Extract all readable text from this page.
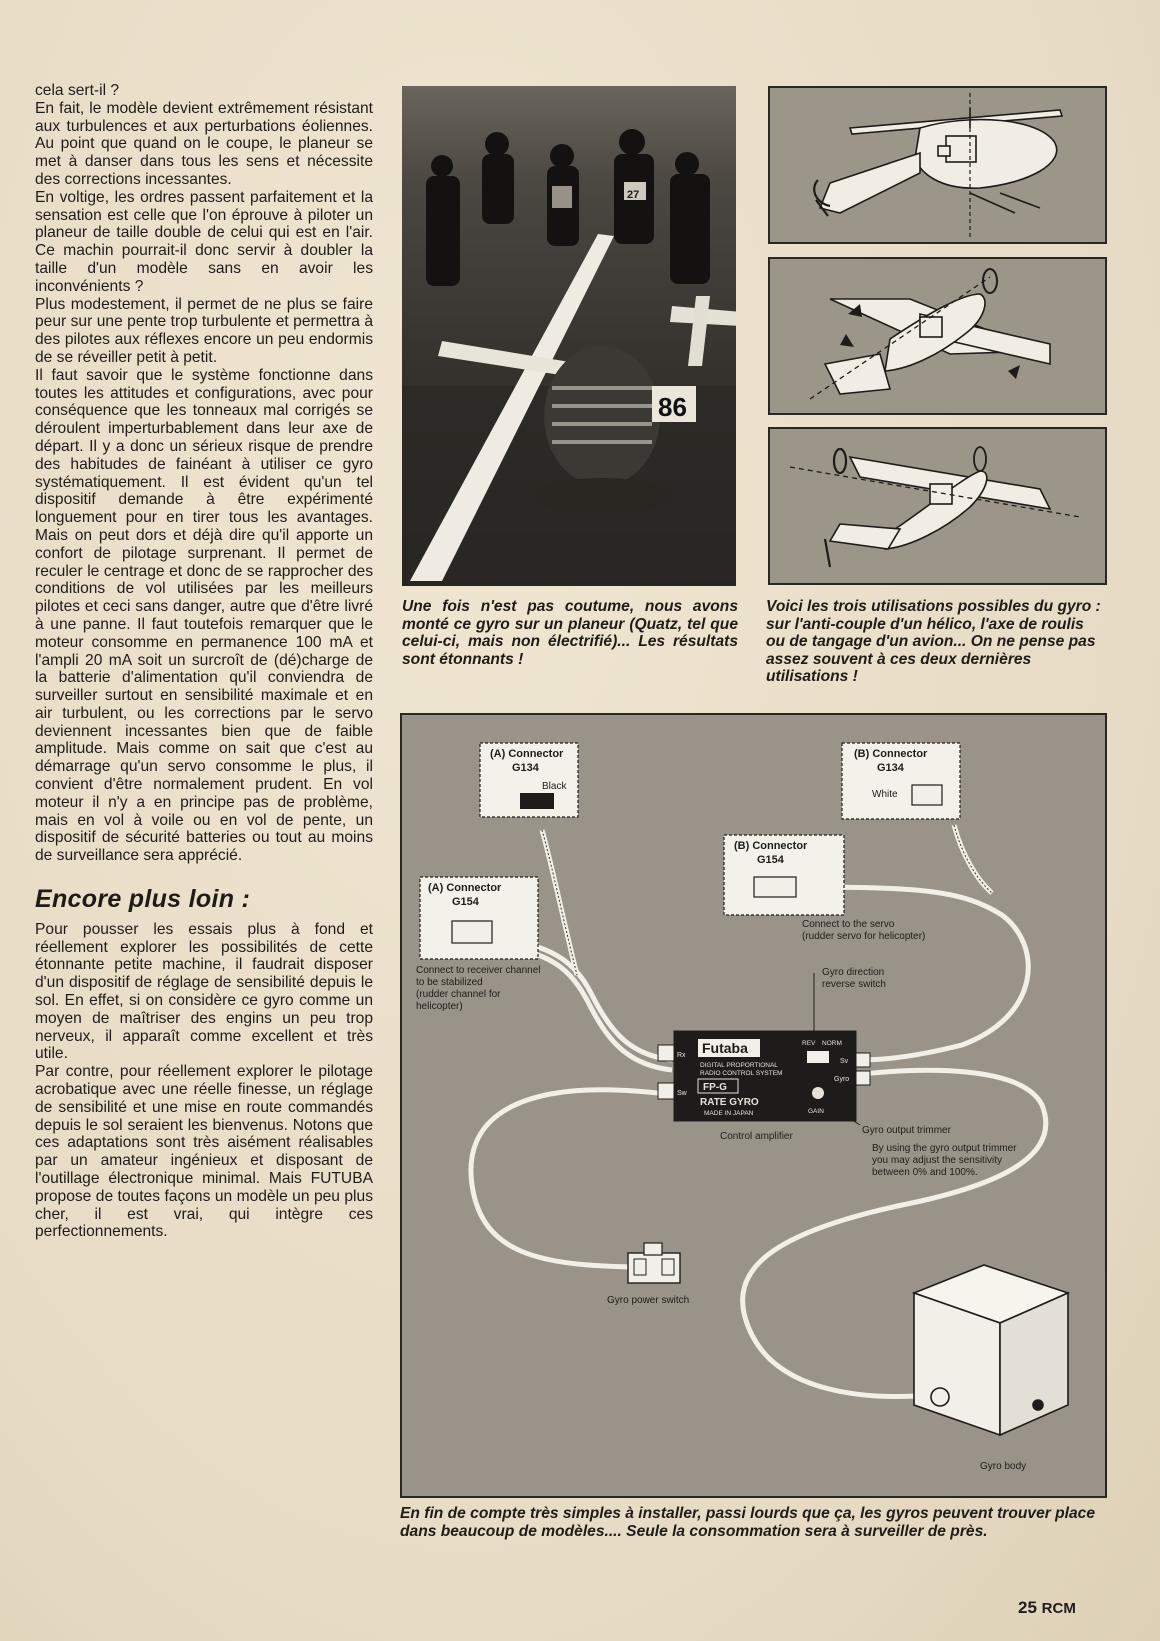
cela sert-il ?

En fait, le modèle devient extrêmement résistant aux turbulences et aux perturbations éoliennes. Au point que quand on le coupe, le planeur se met à danser dans tous les sens et nécessite des corrections incessantes.

En voltige, les ordres passent parfaitement et la sensation est celle que l'on éprouve à piloter un planeur de taille double de celui qui est en l'air. Ce machin pourrait-il donc servir à doubler la taille d'un modèle sans en avoir les inconvénients ?

Plus modestement, il permet de ne plus se faire peur sur une pente trop turbulente et permettra à des pilotes aux réflexes encore un peu endormis de se réveiller petit à petit.

Il faut savoir que le système fonctionne dans toutes les attitudes et configurations, avec pour conséquence que les tonneaux mal corrigés se déroulent imperturbablement dans leur axe de départ. Il y a donc un sérieux risque de prendre des habitudes de fainéant à utiliser ce gyro systématiquement. Il est évident qu'un tel dispositif demande à être expérimenté longuement pour en tirer tous les avantages. Mais on peut dors et déjà dire qu'il apporte un confort de pilotage surprenant. Il permet de reculer le centrage et donc de se rapprocher des conditions de vol utilisées par les meilleurs pilotes et ceci sans danger, autre que d'être livré à une panne. Il faut toutefois remarquer que le moteur consomme en permanence 100 mA et l'ampli 20 mA soit un surcroît de (dé)charge de la batterie d'alimentation qu'il conviendra de surveiller surtout en sensibilité maximale et en air turbulent, ou les corrections par le servo deviennent incessantes bien que de faible amplitude. Mais comme on sait que c'est au démarrage qu'un servo consomme le plus, il convient d'être normalement prudent. En vol moteur il n'y a en principe pas de problème, mais en vol à voile ou en vol de pente, un dispositif de sécurité batteries ou tout au moins de surveillance sera apprécié.

Encore plus loin :

Pour pousser les essais plus à fond et réellement explorer les possibilités de cette étonnante petite machine, il faudrait disposer d'un dispositif de réglage de sensibilité depuis le sol. En effet, si on considère ce gyro comme un moyen de maîtriser des engins un peu trop nerveux, il apparaît comme excellent et très utile.

Par contre, pour réellement explorer le pilotage acrobatique avec une réelle finesse, un réglage de sensibilité et une mise en route commandés depuis le sol seraient les bienvenus. Notons que ces adaptations sont très aisément réalisables par un amateur ingénieux et disposant de l'outillage électronique minimal. Mais FUTUBA propose de toutes façons un modèle un peu plus cher, il est vrai, qui intègre ces perfectionnements.

27
86
Une fois n'est pas coutume, nous avons monté ce gyro sur un planeur (Quatz, tel que celui-ci, mais non électrifié)... Les résultats sont étonnants !
Voici les trois utilisations possibles du gyro : sur l'anti-couple d'un hélico, l'axe de roulis ou de tangage d'un avion... On ne pense pas assez souvent à ces deux dernières utilisations !
(A) Connector
G134
Black
(B) Connector
G134
White
(B) Connector
G154
Connect to the servo
(rudder servo for helicopter)
(A) Connector
G154
Connect to receiver channel
to be stabilized
(rudder channel for
helicopter)
Gyro direction
reverse switch
Futaba
DIGITAL PROPORTIONAL
RADIO CONTROL SYSTEM
FP-G
RATE GYRO
MADE IN JAPAN
REV NORM
GAIN
Rx
Sw
Sv
Gyro
Control amplifier
Gyro output trimmer
By using the gyro output trimmer
you may adjust the sensitivity
between 0% and 100%.
Gyro power switch
Gyro body
En fin de compte très simples à installer, passi lourds que ça, les gyros peuvent trouver place dans beaucoup de modèles.... Seule la consommation sera à surveiller de près.
25 RCM
